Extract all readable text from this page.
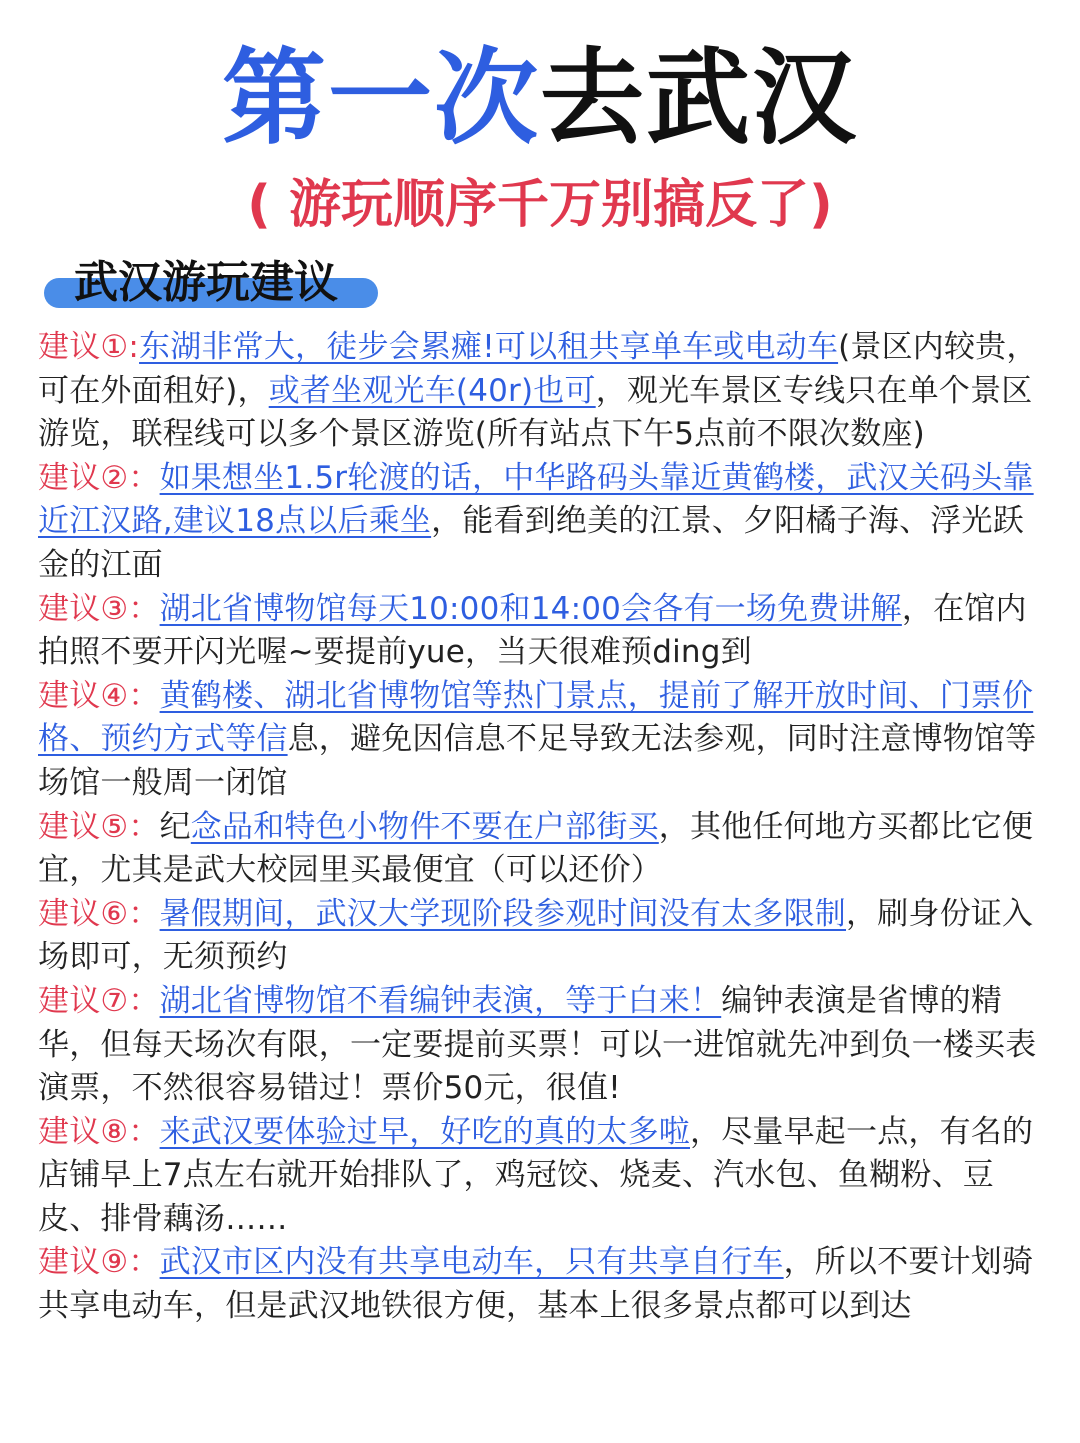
第一次去武汉
( 游玩顺序千万别搞反了)
武汉游玩建议

建议①:东湖非常大，徒步会累瘫!可以租共享单车或电动车(景区内较贵，可在外面租好)，或者坐观光车(40r)也可，观光车景区专线只在单个景区游览，联程线可以多个景区游览(所有站点下午5点前不限次数座)

建议②：如果想坐1.5r轮渡的话，中华路码头靠近黄鹤楼，武汉关码头靠近江汉路,建议18点以后乘坐，能看到绝美的江景、夕阳橘子海、浮光跃金的江面

建议③：湖北省博物馆每天10:00和14:00会各有一场免费讲解，在馆内拍照不要开闪光喔~要提前yue，当天很难预ding到

建议④：黄鹤楼、湖北省博物馆等热门景点，提前了解开放时间、门票价格、预约方式等信息，避免因信息不足导致无法参观，同时注意博物馆等场馆一般周一闭馆

建议⑤：纪念品和特色小物件不要在户部街买，其他任何地方买都比它便宜，尤其是武大校园里买最便宜（可以还价）

建议⑥：暑假期间，武汉大学现阶段参观时间没有太多限制，刷身份证入场即可，无须预约

建议⑦：湖北省博物馆不看编钟表演，等于白来！编钟表演是省博的精华，但每天场次有限，一定要提前买票！可以一进馆就先冲到负一楼买表演票，不然很容易错过！票价50元，很值!

建议⑧：来武汉要体验过早，好吃的真的太多啦，尽量早起一点，有名的店铺早上7点左右就开始排队了，鸡冠饺、烧麦、汽水包、鱼糊粉、豆皮、排骨藕汤……

建议⑨：武汉市区内没有共享电动车，只有共享自行车，所以不要计划骑共享电动车，但是武汉地铁很方便，基本上很多景点都可以到达
